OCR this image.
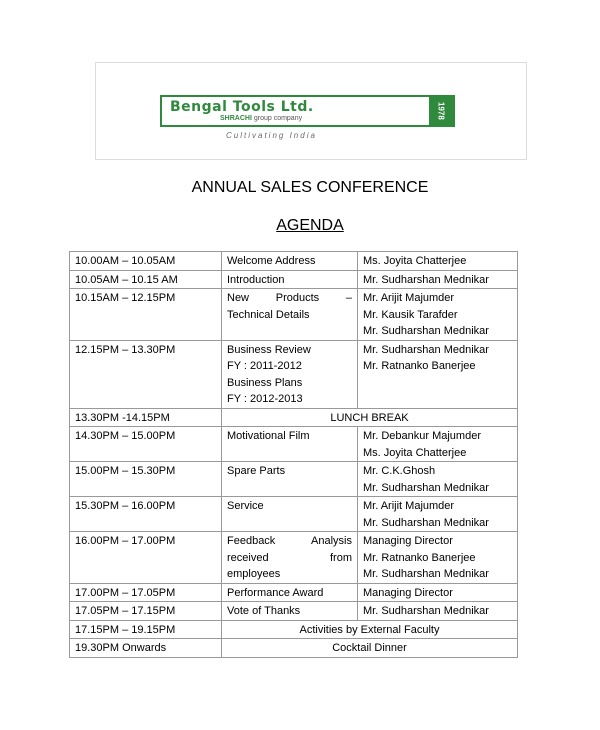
Bengal Tools Ltd.
SHRACHI group company	1978
Cultivating India
ANNUAL SALES CONFERENCE
AGENDA
10.00AM – 10.05AM	Welcome Address	Ms. Joyita Chatterjee

10.05AM – 10.15 AM	Introduction	Mr. Sudharshan Mednikar

10.15AM – 12.15PM	New Products –
Technical Details	Mr. Arijit Majumder
Mr. Kausik Tarafder
Mr. Sudharshan Mednikar

12.15PM – 13.30PM	Business Review
FY : 2011-2012
Business Plans
FY : 2012-2013	Mr. Sudharshan Mednikar
Mr. Ratnanko Banerjee

13.30PM -14.15PM	LUNCH BREAK	
14.30PM – 15.00PM	Motivational Film	Mr. Debankur Majumder
Ms. Joyita Chatterjee

15.00PM – 15.30PM	Spare Parts	Mr. C.K.Ghosh
Mr. Sudharshan Mednikar

15.30PM – 16.00PM	Service	Mr. Arijit Majumder
Mr. Sudharshan Mednikar

16.00PM – 17.00PM	Feedback Analysis
received from
employees	Managing Director
Mr. Ratnanko Banerjee
Mr. Sudharshan Mednikar

17.00PM – 17.05PM	Performance Award	Managing Director

17.05PM – 17.15PM	Vote of Thanks	Mr. Sudharshan Mednikar

17.15PM – 19.15PM	Activities by External Faculty	
19.30PM Onwards	Cocktail Dinner	
